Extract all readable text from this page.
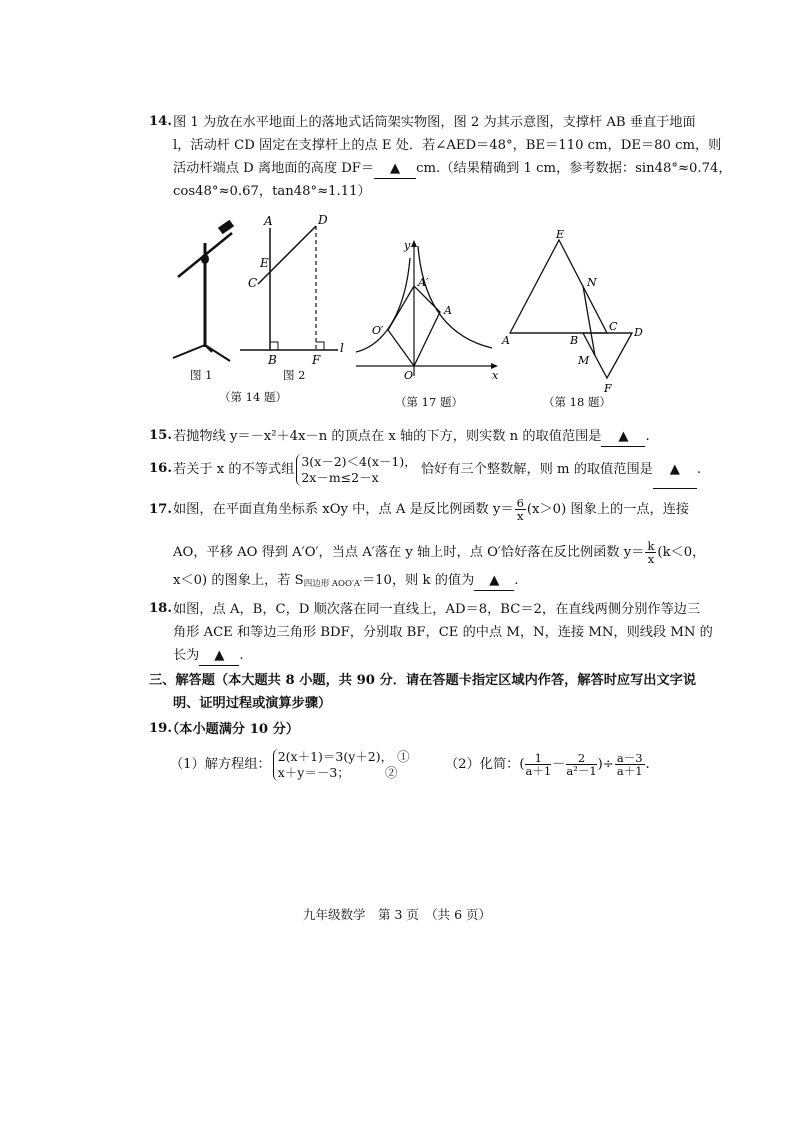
14. 图 1 为放在水平地面上的落地式话筒架实物图，图 2 为其示意图，支撑杆 AB 垂直于地面
l，活动杆 CD 固定在支撑杆上的点 E 处．若∠AED＝48°，BE＝110 cm，DE＝80 cm，则
活动杆端点 D 离地面的高度 DF＝ ▲ cm.（结果精确到 1 cm，参考数据：sin48°≈0.74，
cos48°≈0.67，tan48°≈1.11）
图 1
A	D
E
C
B	F
l
图 2
（第 14 题）
y
A′
A
O′
O	x
（第 17 题）
E
N
C D
A	B
M
F
（第 18 题）
15. 若抛物线 y＝－x²＋4x－n 的顶点在 x 轴的下方，则实数 n 的取值范围是 ▲ .
16. 若关于 x 的不等式组
3(x－2)＜4(x－1)，
2x－m≤2－x	恰好有三个整数解，则 m 的取值范围是 ▲ .
17. 如图，在平面直角坐标系 xOy 中，点 A 是反比例函数 $y= \frac{6}{x} (x>0)$ 图象上的一点，连接
AO，平移 AO 得到 A′O′，当点 A′落在 y 轴上时，点 O′恰好落在反比例函数 $y= \frac{k}{x} (k<0$，
x＜0) 的图象上，若 $S_{四边形 AOO'A'}=10$，则 k 的值为 ▲ .
18. 如图，点 A，B，C，D 顺次落在同一直线上，AD＝8，BC＝2，在直线两侧分别作等边三
角形 ACE 和等边三角形 BDF，分别取 BF，CE 的中点 M，N，连接 MN，则线段 MN 的
长为 ▲ .
三、解答题（本大题共 8 小题，共 90 分．请在答题卡指定区域内作答，解答时应写出文字说
明、证明过程或演算步骤）
19.
（本小题满分 10 分）
（1）解方程组：
2(x＋1)＝3(y＋2)， ①
x＋y＝－3；　　　	②	（2）化简：( $\frac{1}{a+1} - \frac{2}{\text{a²－1}}$ )÷ $\frac{a-3}{a+1}$ .
九年级数学　第 3 页　（共 6 页）
